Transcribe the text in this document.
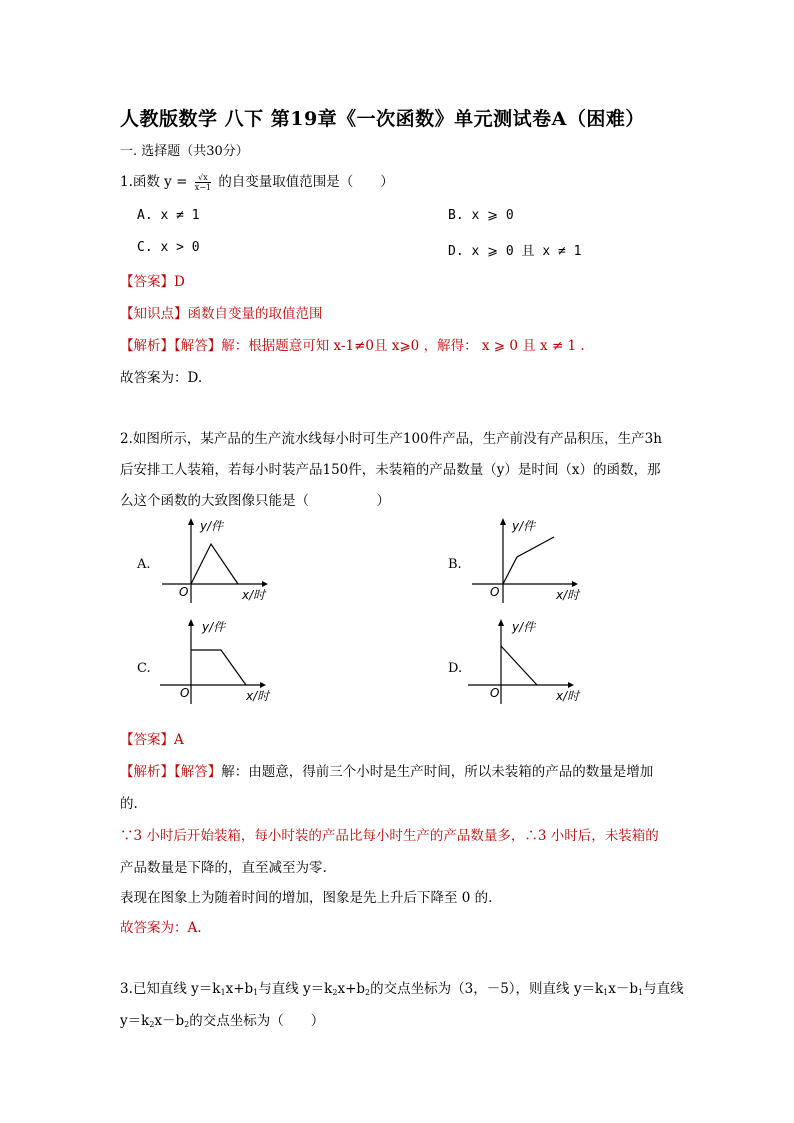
人教版数学 八下 第19章《一次函数》单元测试卷A（困难）
一. 选择题（共30分）
1.函数 $y = \frac{√x}{x-1}$ 的自变量取值范围是（　　）
A. x ≠ 1	B. x ⩾ 0
C. x > 0	D. x ⩾ 0 且 x ≠ 1
【答案】D
【知识点】函数自变量的取值范围
【解析】【解答】解：根据题意可知 x-1≠0且 x⩾0 ，解得： x ⩾ 0 且 x ≠ 1 .
故答案为：D.
2.如图所示，某产品的生产流水线每小时可生产100件产品，生产前没有产品积压，生产3h
后安排工人装箱，若每小时装产品150件，未装箱的产品数量（y）是时间（x）的函数，那
么这个函数的大致图像只能是（　　　　　）
A.
y/件
x/时
O
B.
y/件
x/时
O
C.
y/件
x/时
O
D.
y/件
x/时
O
【答案】A
【解析】【解答】解：由题意，得前三个小时是生产时间，所以未装箱的产品的数量是增加
的.
∵3 小时后开始装箱，每小时装的产品比每小时生产的产品数量多，∴3 小时后，未装箱的
产品数量是下降的，直至减至为零.
表现在图象上为随着时间的增加，图象是先上升后下降至 0 的.
故答案为：A.
3.已知直线 $y=k_1x+b_1$与直线 $y=k_2x+b_2$的交点坐标为（3，－5），则直线 $y=k_1x-b_1$与直线
$y=k_2x-b_2$的交点坐标为（　　）
